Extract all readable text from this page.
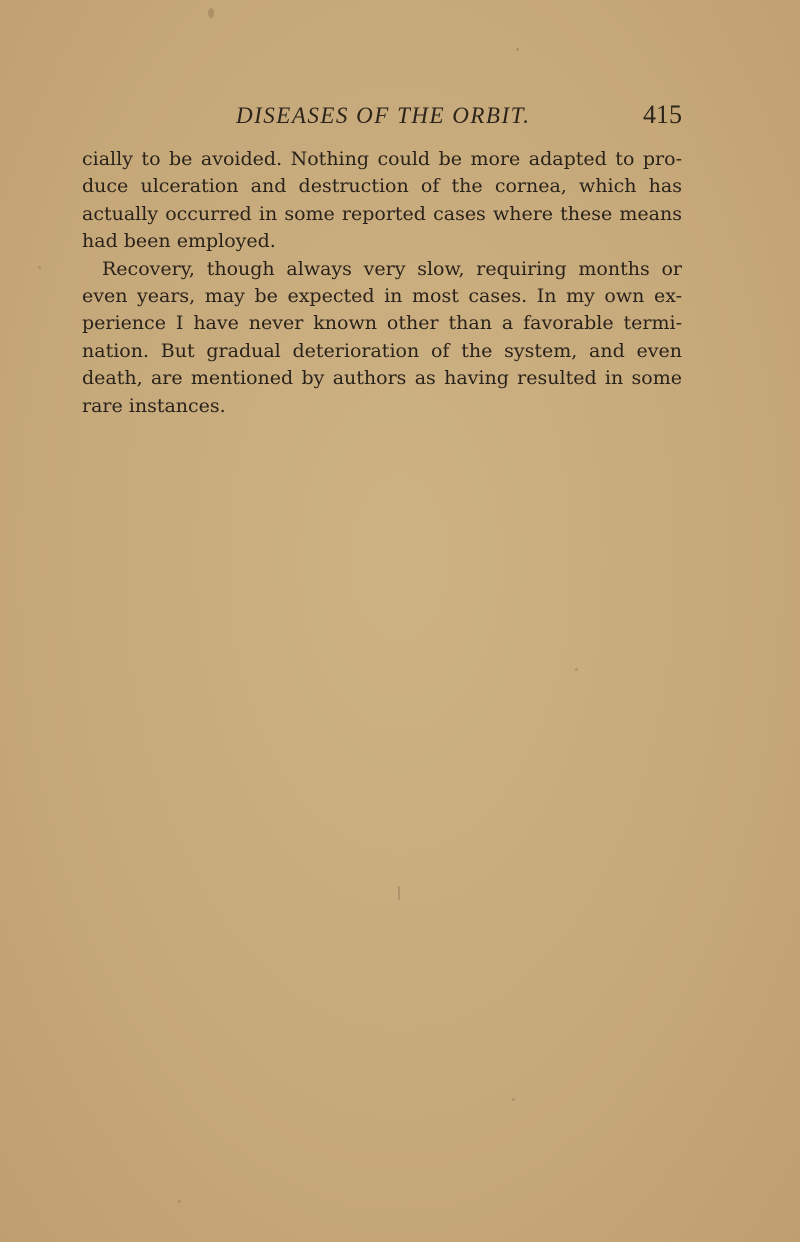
DISEASES OF THE ORBIT.	415
cially to be avoided. Nothing could be more adapted to pro-
duce ulceration and destruction of the cornea, which has
actually occurred in some reported cases where these means
had been employed.
Recovery, though always very slow, requiring months or
even years, may be expected in most cases. In my own ex-
perience I have never known other than a favorable termi-
nation. But gradual deterioration of the system, and even
death, are mentioned by authors as having resulted in some
rare instances.
